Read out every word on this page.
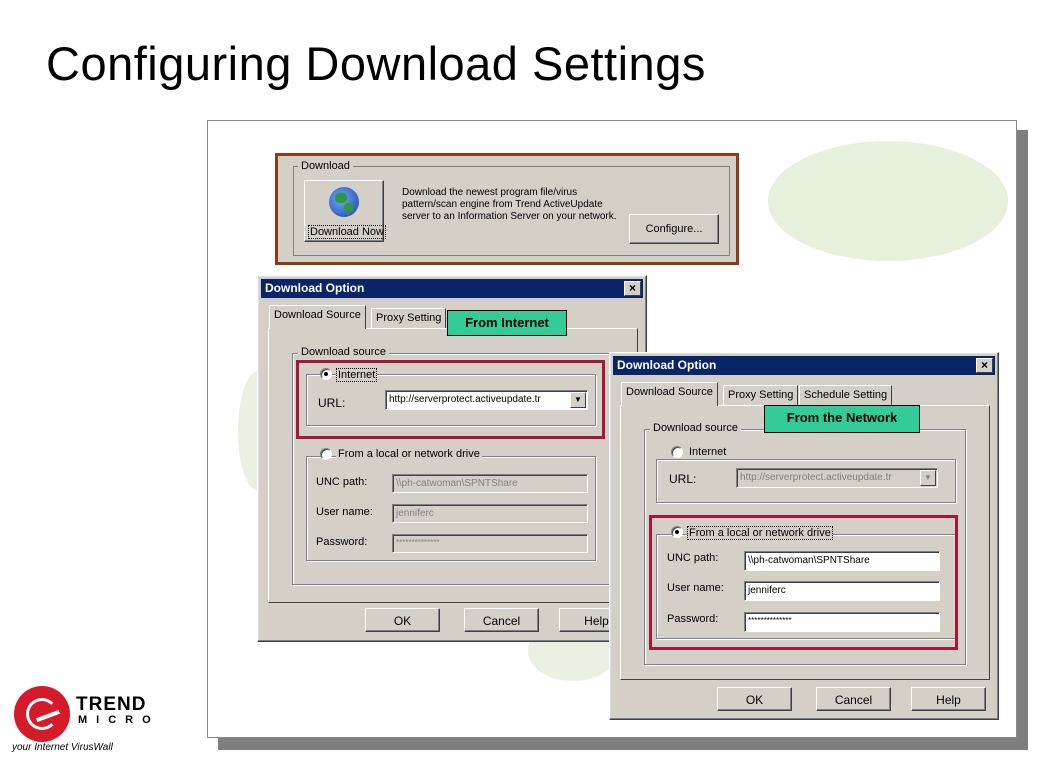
Configuring Download Settings
Download
Download Now
Download the newest program file/virus pattern/scan engine from Trend ActiveUpdate server to an Information Server on your network.
Configure...
Download Option	×
Download Source	Proxy Setting
Download source
Internet
URL:	http://serverprotect.activeupdate.tr	▼
From a local or network drive
UNC path:	\\ph-catwoman\SPNTShare
User name:	jenniferc
Password:	**************
OK	Cancel	Help
From Internet
Download Option	×
Download Source	Proxy Setting Schedule Setting
Download source
Internet
URL:	http://serverprotect.activeupdate.tr	▼
From a local or network drive
UNC path:	\\ph-catwoman\SPNTShare
User name:	jenniferc
Password:	**************
OK	Cancel	Help
From the Network
TREND
MICRO
your Internet VirusWall
